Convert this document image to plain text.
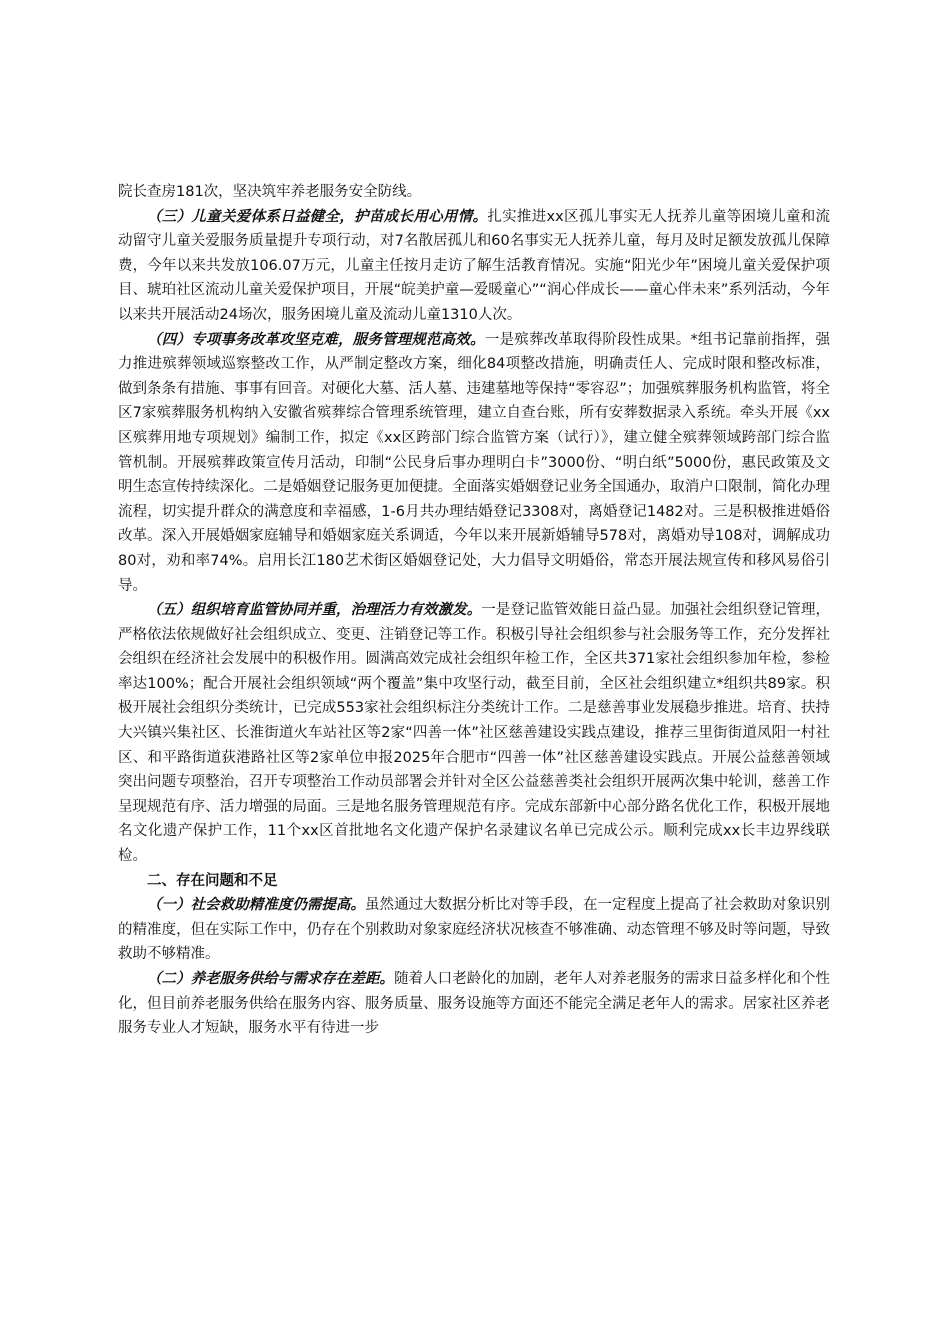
院长查房181次，坚决筑牢养老服务安全防线。

（三）儿童关爱体系日益健全，护苗成长用心用情。扎实推进xx区孤儿事实无人抚养儿童等困境儿童和流动留守儿童关爱服务质量提升专项行动，对7名散居孤儿和60名事实无人抚养儿童，每月及时足额发放孤儿保障费，今年以来共发放106.07万元，儿童主任按月走访了解生活教育情况。实施“阳光少年”困境儿童关爱保护项目、琥珀社区流动儿童关爱保护项目，开展“皖美护童—爱暖童心”“润心伴成长——童心伴未来”系列活动，今年以来共开展活动24场次，服务困境儿童及流动儿童1310人次。

（四）专项事务改革攻坚克难，服务管理规范高效。一是殡葬改革取得阶段性成果。*组书记靠前指挥，强力推进殡葬领域巡察整改工作，从严制定整改方案，细化84项整改措施，明确责任人、完成时限和整改标准，做到条条有措施、事事有回音。对硬化大墓、活人墓、违建墓地等保持“零容忍”；加强殡葬服务机构监管，将全区7家殡葬服务机构纳入安徽省殡葬综合管理系统管理，建立自查台账，所有安葬数据录入系统。牵头开展《xx区殡葬用地专项规划》编制工作，拟定《xx区跨部门综合监管方案（试行）》，建立健全殡葬领域跨部门综合监管机制。开展殡葬政策宣传月活动，印制“公民身后事办理明白卡”3000份、“明白纸”5000份，惠民政策及文明生态宣传持续深化。二是婚姻登记服务更加便捷。全面落实婚姻登记业务全国通办，取消户口限制，简化办理流程，切实提升群众的满意度和幸福感，1-6月共办理结婚登记3308对，离婚登记1482对。三是积极推进婚俗改革。深入开展婚姻家庭辅导和婚姻家庭关系调适，今年以来开展新婚辅导578对，离婚劝导108对，调解成功80对，劝和率74%。启用长江180艺术街区婚姻登记处，大力倡导文明婚俗，常态开展法规宣传和移风易俗引导。

（五）组织培育监管协同并重，治理活力有效激发。一是登记监管效能日益凸显。加强社会组织登记管理，严格依法依规做好社会组织成立、变更、注销登记等工作。积极引导社会组织参与社会服务等工作，充分发挥社会组织在经济社会发展中的积极作用。圆满高效完成社会组织年检工作，全区共371家社会组织参加年检，参检率达100%；配合开展社会组织领域“两个覆盖”集中攻坚行动，截至目前，全区社会组织建立*组织共89家。积极开展社会组织分类统计，已完成553家社会组织标注分类统计工作。二是慈善事业发展稳步推进。培育、扶持大兴镇兴集社区、长淮街道火车站社区等2家“四善一体”社区慈善建设实践点建设，推荐三里街街道凤阳一村社区、和平路街道荻港路社区等2家单位申报2025年合肥市“四善一体”社区慈善建设实践点。开展公益慈善领域突出问题专项整治，召开专项整治工作动员部署会并针对全区公益慈善类社会组织开展两次集中轮训，慈善工作呈现规范有序、活力增强的局面。三是地名服务管理规范有序。完成东部新中心部分路名优化工作，积极开展地名文化遗产保护工作，11个xx区首批地名文化遗产保护名录建议名单已完成公示。顺利完成xx长丰边界线联检。

二、存在问题和不足

（一）社会救助精准度仍需提高。虽然通过大数据分析比对等手段，在一定程度上提高了社会救助对象识别的精准度，但在实际工作中，仍存在个别救助对象家庭经济状况核查不够准确、动态管理不够及时等问题，导致救助不够精准。

（二）养老服务供给与需求存在差距。随着人口老龄化的加剧，老年人对养老服务的需求日益多样化和个性化，但目前养老服务供给在服务内容、服务质量、服务设施等方面还不能完全满足老年人的需求。居家社区养老服务专业人才短缺，服务水平有待进一步
